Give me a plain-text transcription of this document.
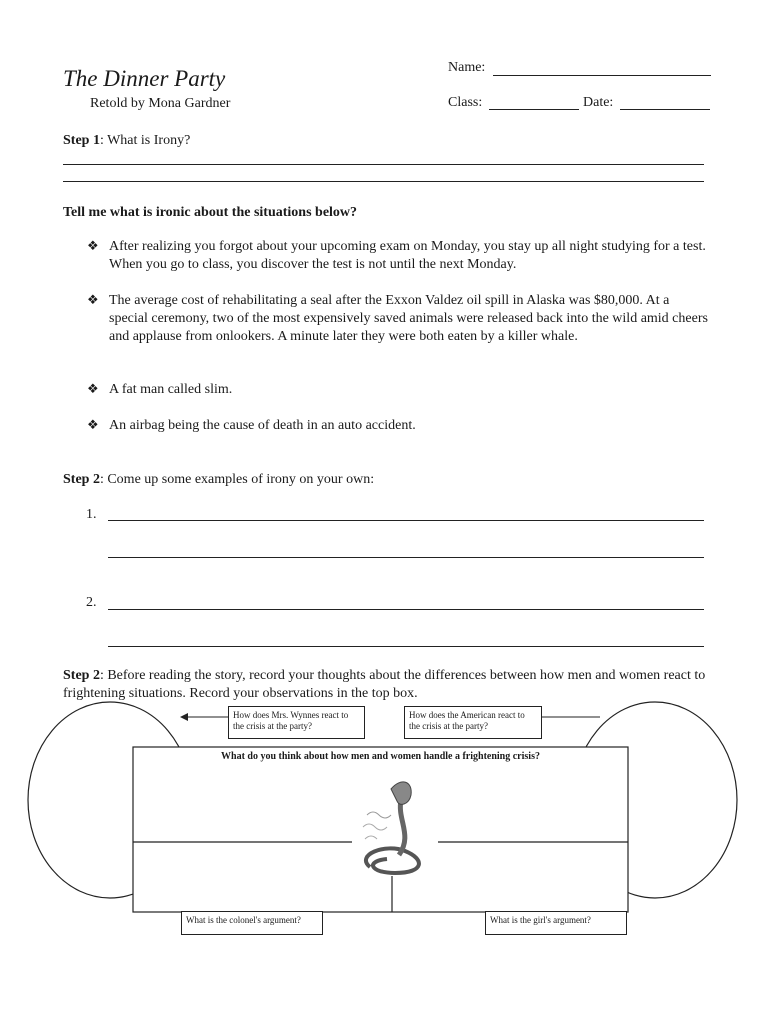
The Dinner Party
Retold by Mona Gardner
Name:
Class:	Date:
Step 1: What is Irony?
Tell me what is ironic about the situations below?
❖ After realizing you forgot about your upcoming exam on Monday, you stay up all night studying for a test. When you go to class, you discover the test is not until the next Monday.
❖ The average cost of rehabilitating a seal after the Exxon Valdez oil spill in Alaska was $80,000. At a special ceremony, two of the most expensively saved animals were released back into the wild amid cheers and applause from onlookers. A minute later they were both eaten by a killer whale.
❖ A fat man called slim.
❖ An airbag being the cause of death in an auto accident.
Step 2: Come up some examples of irony on your own:
1.
2.
Step 2: Before reading the story, record your thoughts about the differences between how men and women react to frightening situations. Record your observations in the top box.
What do you think about how men and women handle a frightening crisis?
How does Mrs. Wynnes react to the crisis at the party?
How does the American react to the crisis at the party?
What is the colonel's argument?	What is the girl's argument?
